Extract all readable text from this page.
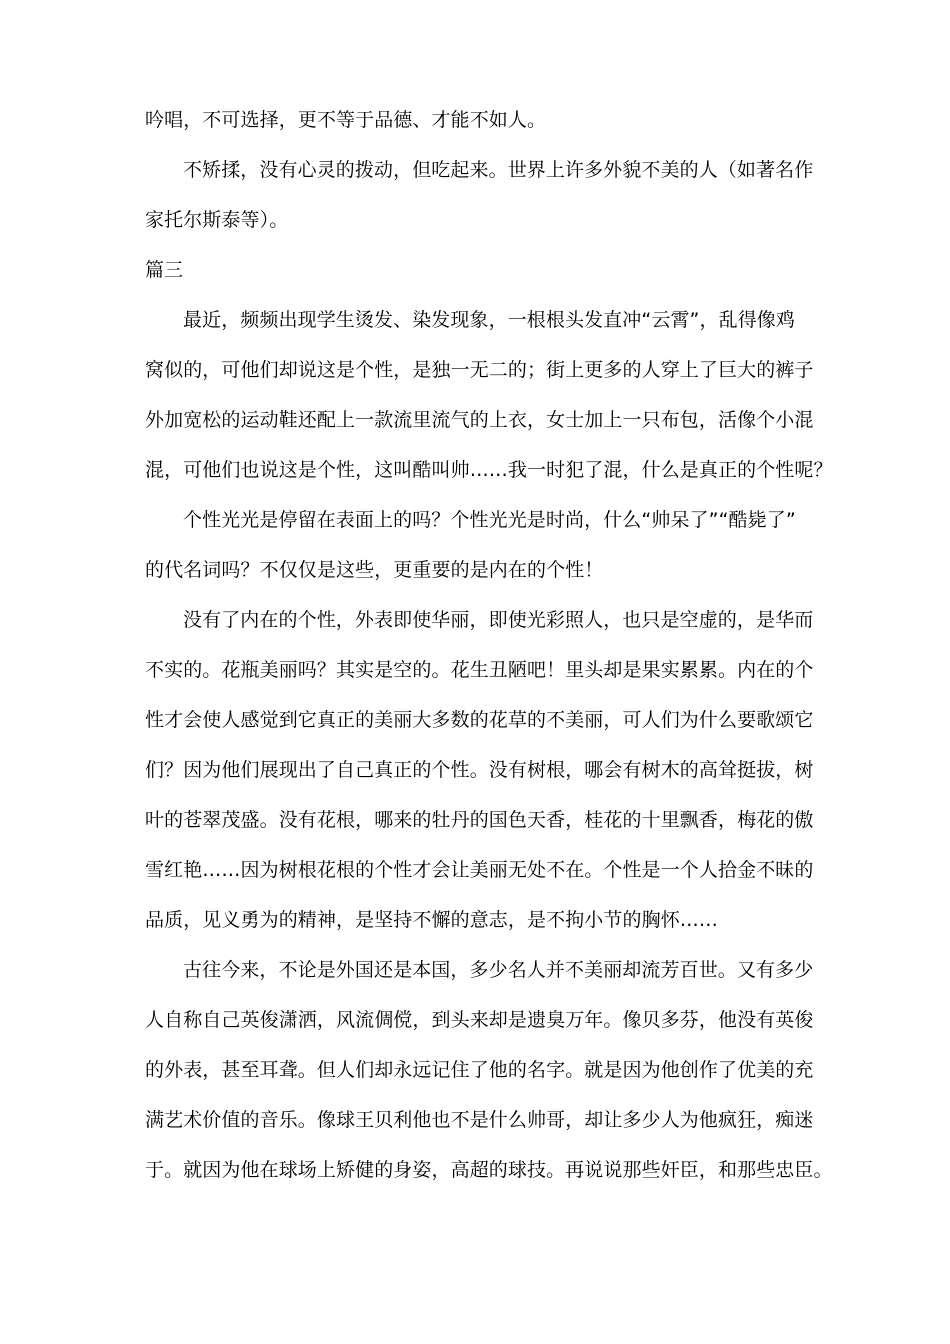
吟唱，不可选择，更不等于品德、才能不如人。
不矫揉，没有心灵的拨动，但吃起来。世界上许多外貌不美的人（如著名作
家托尔斯泰等）。
篇三
最近，频频出现学生烫发、染发现象，一根根头发直冲“云霄”，乱得像鸡
窝似的，可他们却说这是个性，是独一无二的；街上更多的人穿上了巨大的裤子
外加宽松的运动鞋还配上一款流里流气的上衣，女士加上一只布包，活像个小混
混，可他们也说这是个性，这叫酷叫帅……我一时犯了混，什么是真正的个性呢？
个性光光是停留在表面上的吗？个性光光是时尚，什么“帅呆了”“酷毙了”
的代名词吗？不仅仅是这些，更重要的是内在的个性！
没有了内在的个性，外表即使华丽，即使光彩照人，也只是空虚的，是华而
不实的。花瓶美丽吗？其实是空的。花生丑陋吧！里头却是果实累累。内在的个
性才会使人感觉到它真正的美丽大多数的花草的不美丽，可人们为什么要歌颂它
们？因为他们展现出了自己真正的个性。没有树根，哪会有树木的高耸挺拔，树
叶的苍翠茂盛。没有花根，哪来的牡丹的国色天香，桂花的十里飘香，梅花的傲
雪红艳……因为树根花根的个性才会让美丽无处不在。个性是一个人拾金不昧的
品质，见义勇为的精神，是坚持不懈的意志，是不拘小节的胸怀……
古往今来，不论是外国还是本国，多少名人并不美丽却流芳百世。又有多少
人自称自己英俊潇洒，风流倜傥，到头来却是遗臭万年。像贝多芬，他没有英俊
的外表，甚至耳聋。但人们却永远记住了他的名字。就是因为他创作了优美的充
满艺术价值的音乐。像球王贝利他也不是什么帅哥，却让多少人为他疯狂，痴迷
于。就因为他在球场上矫健的身姿，高超的球技。再说说那些奸臣，和那些忠臣。
